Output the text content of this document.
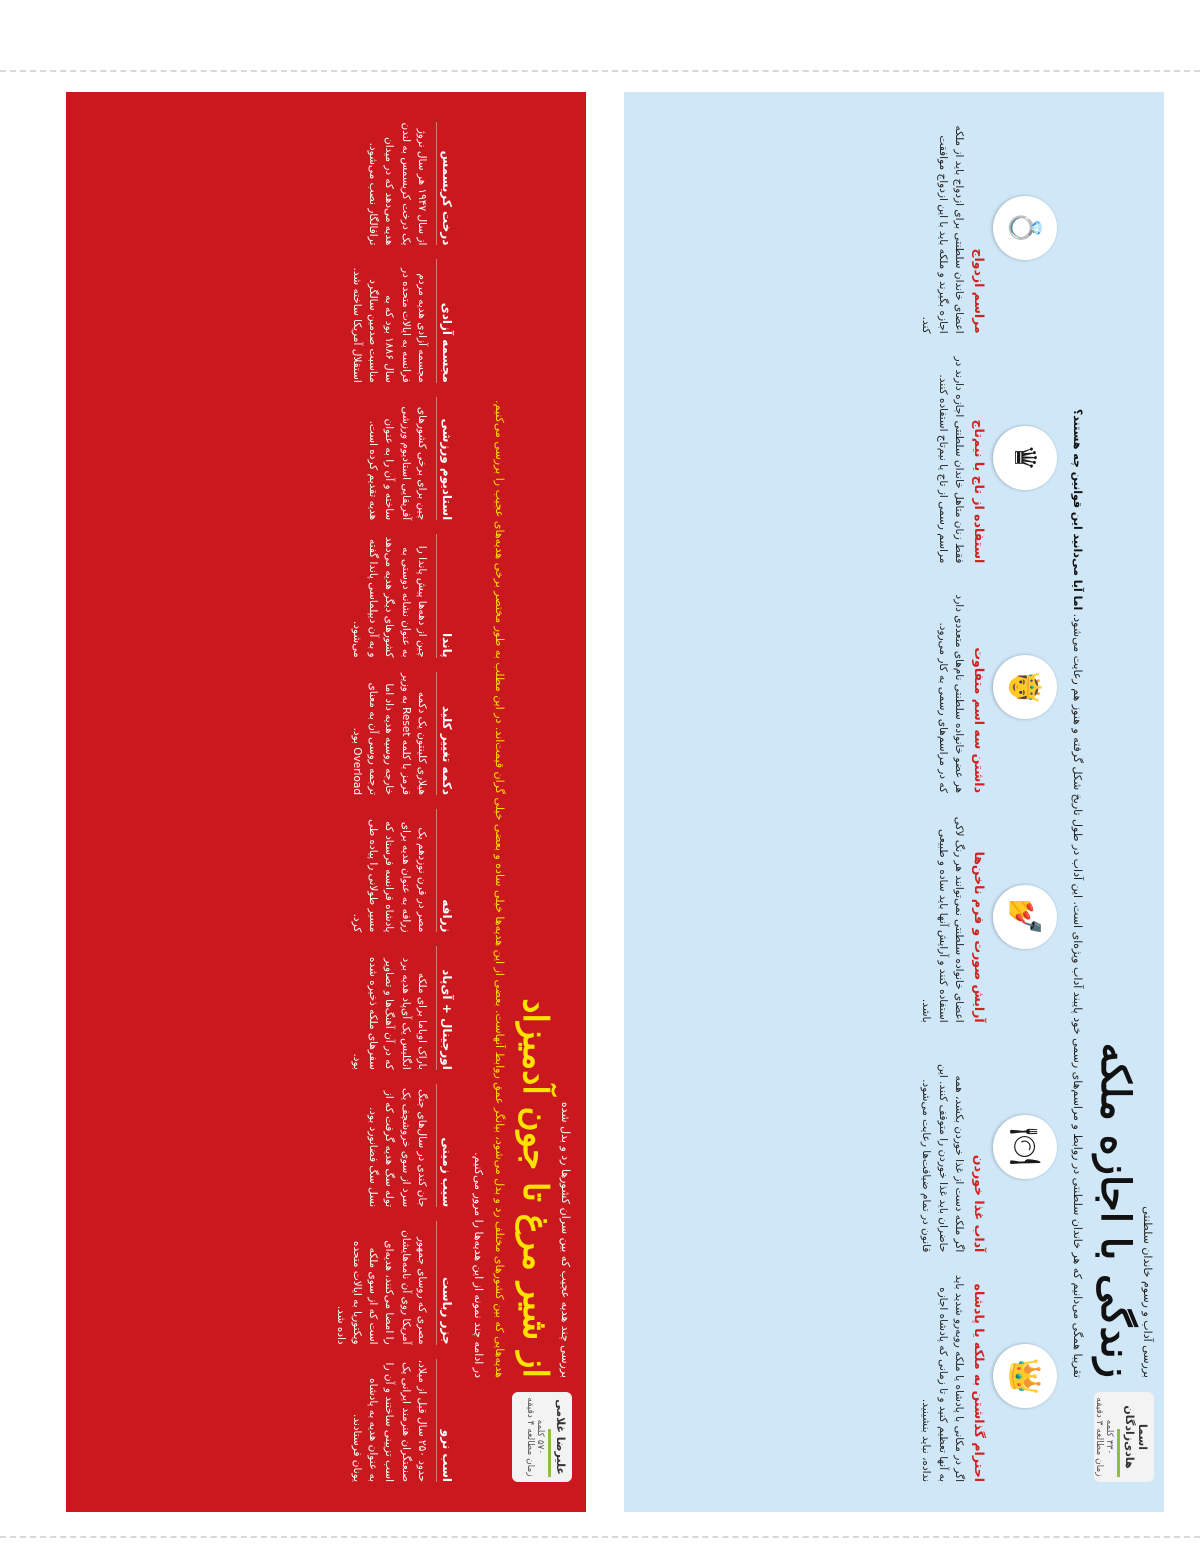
علیرضا غلامی
۵۷۰ کلمه
زمان مطالعه ۴ دقیقه

بررسی چند هدیه عجیب که بین سران کشورها رد و بدل شده

از شیر مرغ تا جون آدمیزاد

هدیه‌هایی که بین کشورهای مختلف رد و بدل می‌شود، بیانگر عمق روابط آنهاست. بعضی از این هدیه‌ها خیلی ساده و بعضی خیلی گران قیمت‌اند. در این مطلب به طور مختصر برخی هدیه‌های عجیب را بررسی می‌کنیم.

در ادامه چند نمونه از این هدیه‌ها را مرور می‌کنیم.

اسب نرو

حدود ۲۵۰ سال قبل از میلاد، صنعتگران هنرمند ایرانی یک اسب تزیینی ساختند و آن را به عنوان هدیه به پادشاه یونان فرستادند.

جزر رباست

مصری که روسای جمهور آمریکا روی آن نامه‌هایشان را امضا می‌کنند، هدیه‌ای است که از سوی ملکه ویکتوریا به ایالات متحده داده شد.

سیب زمینی

جان کندی در سال‌های جنگ سرد از سوی خروشچف یک توله سگ هدیه گرفت که از نسل سگ فضانورد بود.

اورجینال + آی‌پاد

باراک اوباما برای ملکه انگلیس یک آی‌پاد هدیه برد که در آن آهنگ‌ها و تصاویر سفرهای ملکه ذخیره شده بود.

زرافه

مصر در قرن نوزدهم یک زرافه به عنوان هدیه برای پادشاه فرانسه فرستاد که مسیر طولانی را پیاده طی کرد.

دکمه تغییر کلید

هیلاری کلینتون یک دکمه قرمز با کلمه Reset به وزیر خارجه روسیه هدیه داد اما ترجمه روسی آن به معنای Overload بود.

پاندا

چین از دهه‌ها پیش پاندا را به عنوان نشانه دوستی به کشورهای دیگر هدیه می‌دهد و به آن دیپلماسی پاندا گفته می‌شود.

استادیوم ورزشی

چین برای برخی کشورهای آفریقایی استادیوم ورزشی ساخته و آن را به عنوان هدیه تقدیم کرده است.

مجسمه آزادی

مجسمه آزادی هدیه مردم فرانسه به ایالات متحده در سال ۱۸۸۶ بود که به مناسبت صدمین سالگرد استقلال آمریکا ساخته شد.

درخت کریسمس

از سال ۱۹۴۷ هر سال نروژ یک درخت کریسمس به لندن هدیه می‌دهد که در میدان ترافالگار نصب می‌شود.

اسما هادی‌زادگان
۳۳۰ کلمه
زمان مطالعه ۳ دقیقه

بررسی آداب و رسوم خاندان سلطنتی

زندگی با اجازه ملکه

تقریبا همگی می‌دانیم که هر خاندان سلطنتی در روابط و مراسم‌های رسمی خود پایبند آداب ویژه‌ای است. این آداب در طول تاریخ شکل گرفته و هنوز هم رعایت می‌شود. اما آیا می‌دانید این قوانین چه هستند؟

👑
احترام گذاشتن به ملکه یا پادشاه

اگر در مکانی با پادشاه یا ملکه روبه‌رو شدید باید به آنها تعظیم کنید و تا زمانی که پادشاه اجازه نداده، نباید بنشینید.

🍽
آداب غذا خوردن

اگر ملکه دست از غذا خوردن بکشد، همه حاضران باید غذا خوردن را متوقف کنند. این قانون در تمام ضیافت‌ها رعایت می‌شود.

💅
آرایش صورت و فرم ناخن‌ها

اعضای خانواده سلطنتی نمی‌توانند هر رنگ لاکی استفاده کنند و آرایش آنها باید ساده و طبیعی باشد.

🤴
داشتن سه اسم متفاوت

هر عضو خانواده سلطنتی نام‌های متعددی دارد که در مراسم‌های رسمی به کار می‌رود.

♛
استفاده از تاج یا نیم‌تاج

فقط زنان متاهل خاندان سلطنتی اجازه دارند در مراسم رسمی از تاج یا نیم‌تاج استفاده کنند.

💍
مراسم ازدواج

اعضای خاندان سلطنتی برای ازدواج باید از ملکه اجازه بگیرند و ملکه باید با این ازدواج موافقت کند.
